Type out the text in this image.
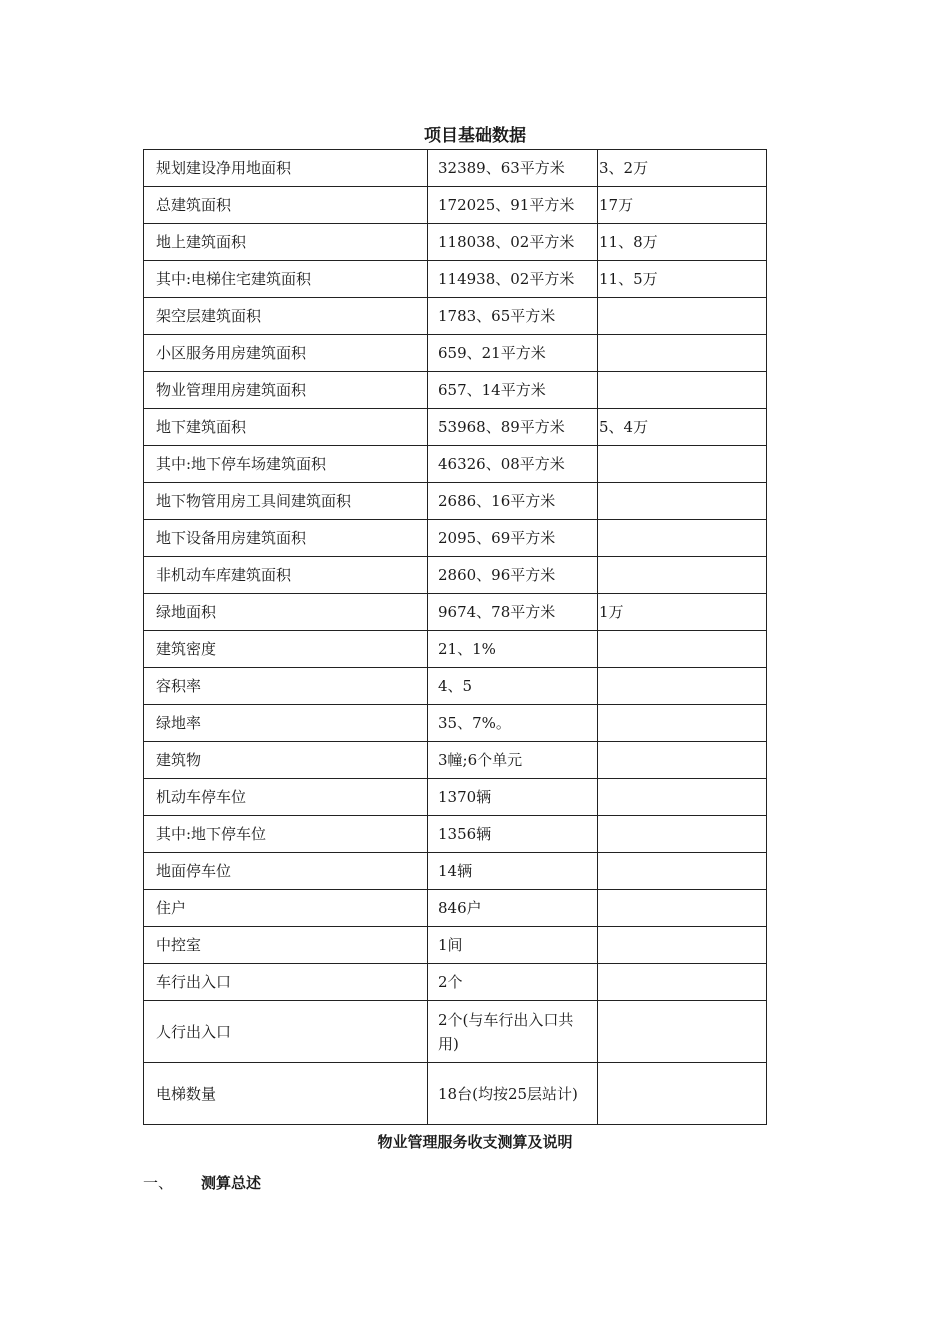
项目基础数据
规划建设净用地面积	32389、63平方米	3、2万
总建筑面积	172025、91平方米	17万
地上建筑面积	118038、02平方米	11、8万
其中:电梯住宅建筑面积	114938、02平方米	11、5万
架空层建筑面积	1783、65平方米	
小区服务用房建筑面积	659、21平方米	
物业管理用房建筑面积	657、14平方米	
地下建筑面积	53968、89平方米	5、4万
其中:地下停车场建筑面积	46326、08平方米	
地下物管用房工具间建筑面积	2686、16平方米	
地下设备用房建筑面积	2095、69平方米	
非机动车库建筑面积	2860、96平方米	
绿地面积	9674、78平方米	1万
建筑密度	21、1%	
容积率	4、5	
绿地率	35、7%。	
建筑物	3幢;6个单元	
机动车停车位	1370辆	
其中:地下停车位	1356辆	
地面停车位	14辆	
住户	846户	
中控室	1间	
车行出入口	2个	
人行出入口	2个(与车行出入口共用)	
电梯数量	18台(均按25层站计)	
物业管理服务收支测算及说明
一、 测算总述
